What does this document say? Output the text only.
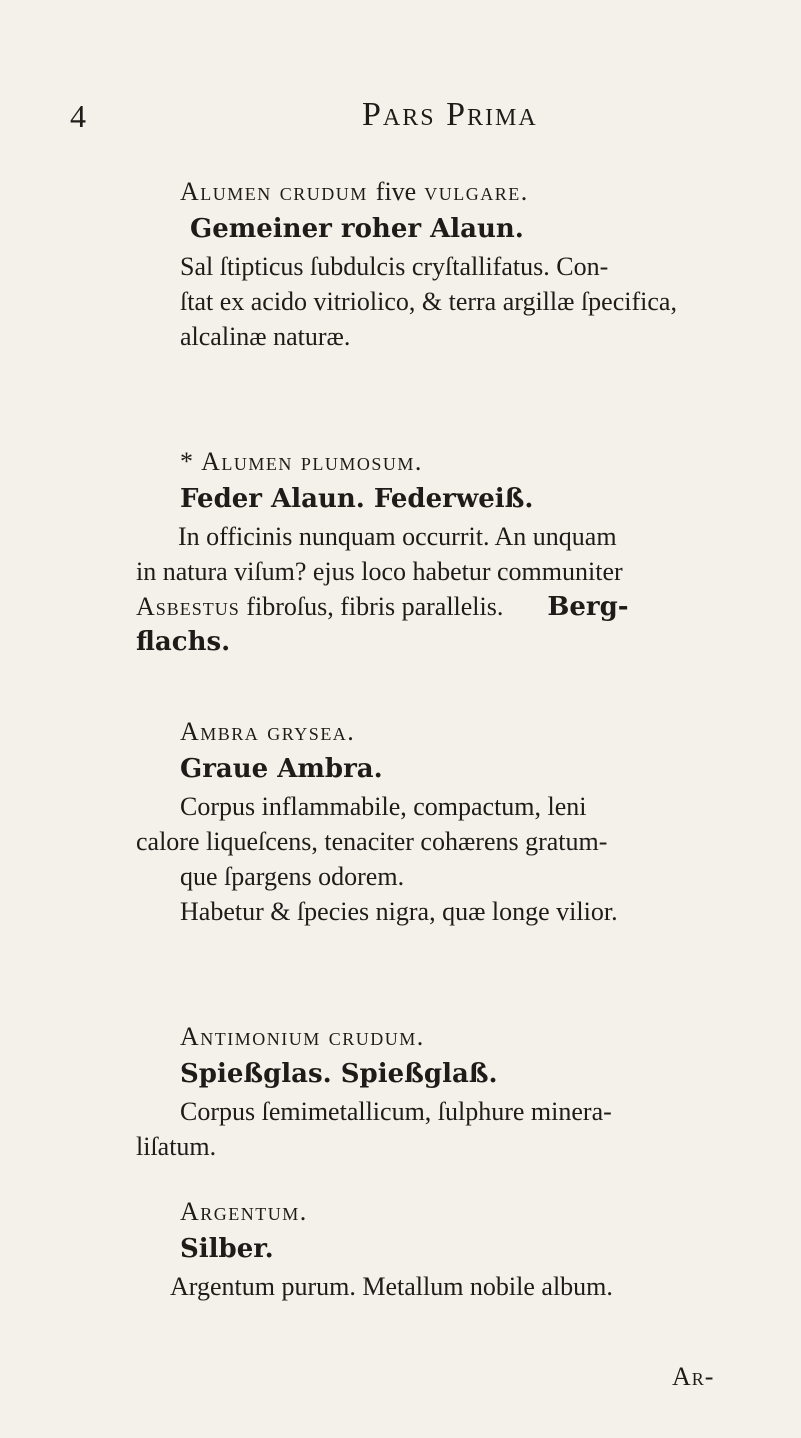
4	Pars Prima

Alumen crudum five vulgare.

Gemeiner roher Alaun.

Sal ſtipticus ſubdulcis cryſtallifatus. Con-

ſtat ex acido vitriolico, & terra argillæ ſpecifica,

alcalinæ naturæ.

* Alumen plumosum.

Feder Alaun. Federweiß.

In officinis nunquam occurrit. An unquam

in natura viſum? ejus loco habetur communiter

Asbestus fibroſus, fibris parallelis. Berg-

flachs.

Ambra grysea.

Graue Ambra.

Corpus inflammabile, compactum, leni

calore liqueſcens, tenaciter cohærens gratum-

que ſpargens odorem.

Habetur & ſpecies nigra, quæ longe vilior.

Antimonium crudum.

Spießglas. Spießglaß.

Corpus ſemimetallicum, ſulphure minera-

liſatum.

Argentum.

Silber.

Argentum purum. Metallum nobile album.

Ar-
